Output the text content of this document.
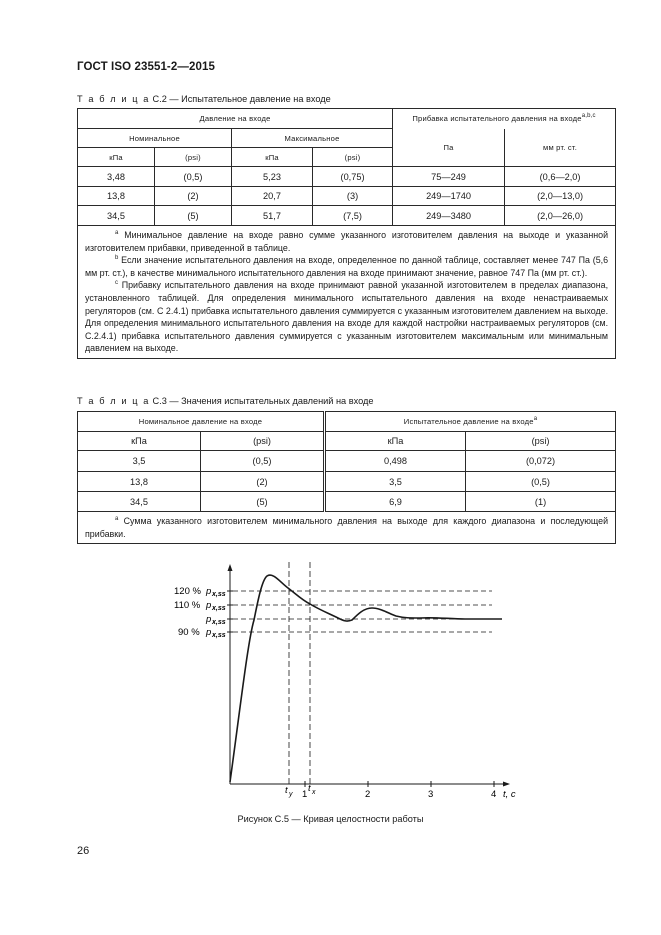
ГОСТ ISO 23551-2—2015
Т а б л и ц а C.2 — Испытательное давление на входе
Давление на входе				Прибавка испытательного давления на входе$^{a,b,c}$
Номинальное		Максимальное		Па	мм рт. ст.
кПа	(psi)	кПа	(psi)		
3,48	(0,5)	5,23	(0,75)	75—249	(0,6—2,0)
13,8	(2)	20,7	(3)	249—1740	(2,0—13,0)
34,5	(5)	51,7	(7,5)	249—3480	(2,0—26,0)

$^a$ Минимальное давление на входе равно сумме указанного изготовителем давления на выходе и указанной изготовителем прибавки, приведенной в таблице.

$^b$ Если значение испытательного давления на входе, определенное по данной таблице, составляет менее 747 Па (5,6 мм рт. ст.), в качестве минимального испытательного давления на входе принимают значение, равное 747 Па (мм рт. ст.).

$^c$ Прибавку испытательного давления на входе принимают равной указанной изготовителем в пределах диапазона, установленного таблицей. Для определения минимального испытательного давления на входе ненастраиваемых регуляторов (см. С 2.4.1) прибавка испытательного давления суммируется с указанным изготовителем давлением на выходе. Для определения минимального испытательного давления на входе для каждой настройки настраиваемых регуляторов (см. С.2.4.1) прибавка испытательного давления суммируется с указанным изготовителем максимальным или минимальным давлением на выходе.					

Т а б л и ц а C.3 — Значения испытательных давлений на входе
Номинальное давление на входе		Испытательное давление на входе$^a$
кПа	(psi)	кПа	(psi)
3,5	(0,5)	0,498	(0,072)
13,8	(2)	3,5	(0,5)
34,5	(5)	6,9	(1)

$^a$ Сумма указанного изготовителем минимального давления на выходе для каждого диапазона и последующей прибавки.			

120 % p x,ss
110 % p x,ss
p x,ss
90 % p x,ss
t y 1
t x	2	3	4 t, c
Рисунок С.5 — Кривая целостности работы
26
